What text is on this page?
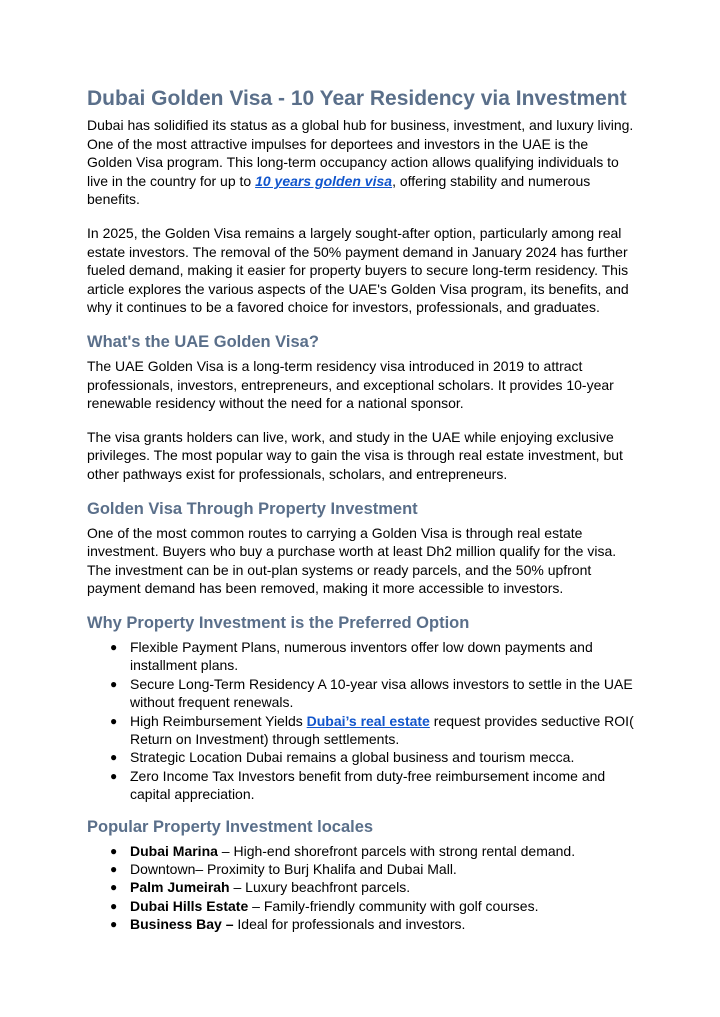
Dubai Golden Visa - 10 Year Residency via Investment

Dubai has solidified its status as a global hub for business, investment, and luxury living. One of the most attractive impulses for deportees and investors in the UAE is the Golden Visa program. This long-term occupancy action allows qualifying individuals to live in the country for up to 10 years golden visa, offering stability and numerous benefits.

In 2025, the Golden Visa remains a largely sought-after option, particularly among real estate investors. The removal of the 50% payment demand in January 2024 has further fueled demand, making it easier for property buyers to secure long-term residency. This article explores the various aspects of the UAE's Golden Visa program, its benefits, and why it continues to be a favored choice for investors, professionals, and graduates.

What's the UAE Golden Visa?

The UAE Golden Visa is a long-term residency visa introduced in 2019 to attract professionals, investors, entrepreneurs, and exceptional scholars. It provides 10-year renewable residency without the need for a national sponsor.

The visa grants holders can live, work, and study in the UAE while enjoying exclusive privileges. The most popular way to gain the visa is through real estate investment, but other pathways exist for professionals, scholars, and entrepreneurs.

Golden Visa Through Property Investment

One of the most common routes to carrying a Golden Visa is through real estate investment. Buyers who buy a purchase worth at least Dh2 million qualify for the visa. The investment can be in out-plan systems or ready parcels, and the 50% upfront payment demand has been removed, making it more accessible to investors.

Why Property Investment is the Preferred Option
● Flexible Payment Plans, numerous inventors offer low down payments and installment plans.
● Secure Long-Term Residency A 10-year visa allows investors to settle in the UAE without frequent renewals.
● High Reimbursement Yields Dubai’s real estate request provides seductive ROI( Return on Investment) through settlements.
● Strategic Location Dubai remains a global business and tourism mecca.
● Zero Income Tax Investors benefit from duty-free reimbursement income and capital appreciation.
Popular Property Investment locales
● Dubai Marina – High-end shorefront parcels with strong rental demand.
● Downtown– Proximity to Burj Khalifa and Dubai Mall.
● Palm Jumeirah – Luxury beachfront parcels.
● Dubai Hills Estate – Family-friendly community with golf courses.
● Business Bay – Ideal for professionals and investors.
